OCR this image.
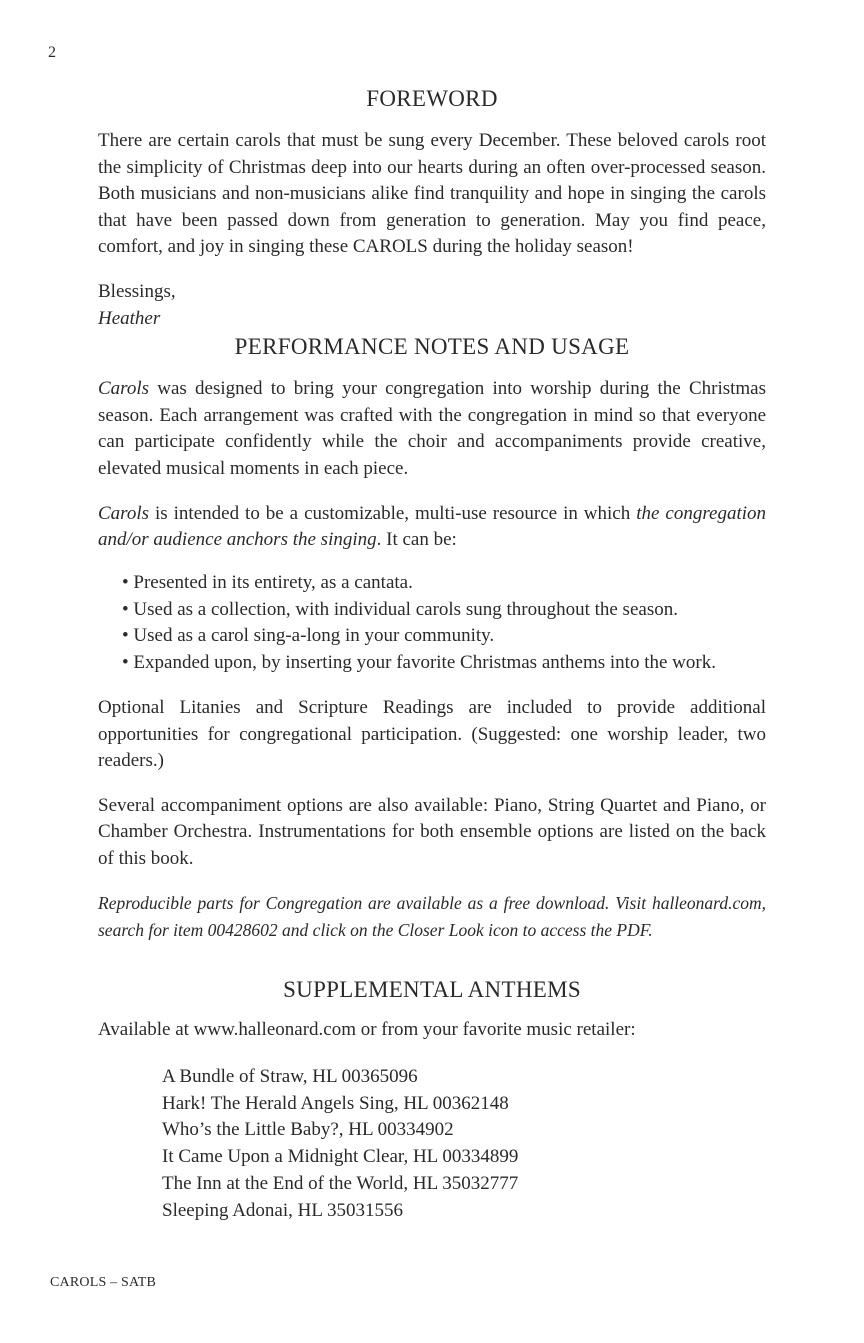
2
FOREWORD

There are certain carols that must be sung every December. These beloved carols root the simplicity of Christmas deep into our hearts during an often over-processed season. Both musicians and non-musicians alike find tranquility and hope in singing the carols that have been passed down from generation to generation. May you find peace, comfort, and joy in singing these CAROLS during the holiday season!

Blessings,
Heather
PERFORMANCE NOTES AND USAGE

Carols was designed to bring your congregation into worship during the Christmas season. Each arrangement was crafted with the congregation in mind so that everyone can participate confidently while the choir and accompaniments provide creative, elevated musical moments in each piece.

Carols is intended to be a customizable, multi-use resource in which the congregation and/or audience anchors the singing. It can be:

• Presented in its entirety, as a cantata.
• Used as a collection, with individual carols sung throughout the season.
• Used as a carol sing-a-long in your community.
• Expanded upon, by inserting your favorite Christmas anthems into the work.
Optional Litanies and Scripture Readings are included to provide additional opportunities for congregational participation. (Suggested: one worship leader, two readers.)
Several accompaniment options are also available: Piano, String Quartet and Piano, or Chamber Orchestra. Instrumentations for both ensemble options are listed on the back of this book.
Reproducible parts for Congregation are available as a free download. Visit halleonard.com, search for item 00428602 and click on the Closer Look icon to access the PDF.
SUPPLEMENTAL ANTHEMS
Available at www.halleonard.com or from your favorite music retailer:
A Bundle of Straw, HL 00365096
Hark! The Herald Angels Sing, HL 00362148
Who’s the Little Baby?, HL 00334902
It Came Upon a Midnight Clear, HL 00334899
The Inn at the End of the World, HL 35032777
Sleeping Adonai, HL 35031556
CAROLS – SATB
